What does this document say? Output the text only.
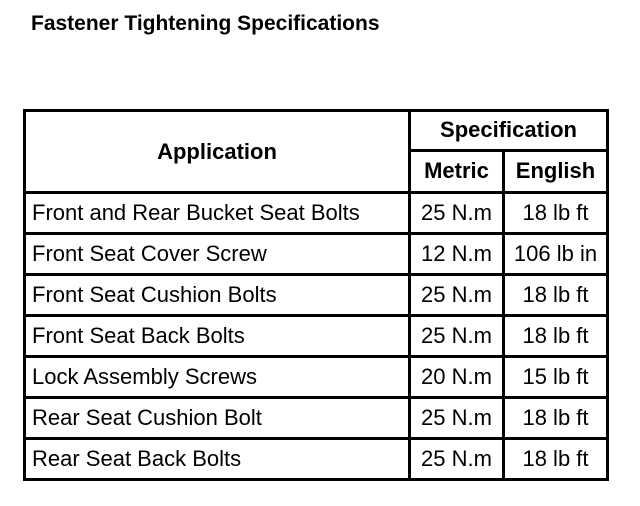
Fastener Tightening Specifications
Application	Specification	
	Metric	English
Front and Rear Bucket Seat Bolts	25 N.m	18 lb ft
Front Seat Cover Screw	12 N.m	106 lb in
Front Seat Cushion Bolts	25 N.m	18 lb ft
Front Seat Back Bolts	25 N.m	18 lb ft
Lock Assembly Screws	20 N.m	15 lb ft
Rear Seat Cushion Bolt	25 N.m	18 lb ft
Rear Seat Back Bolts	25 N.m	18 lb ft
